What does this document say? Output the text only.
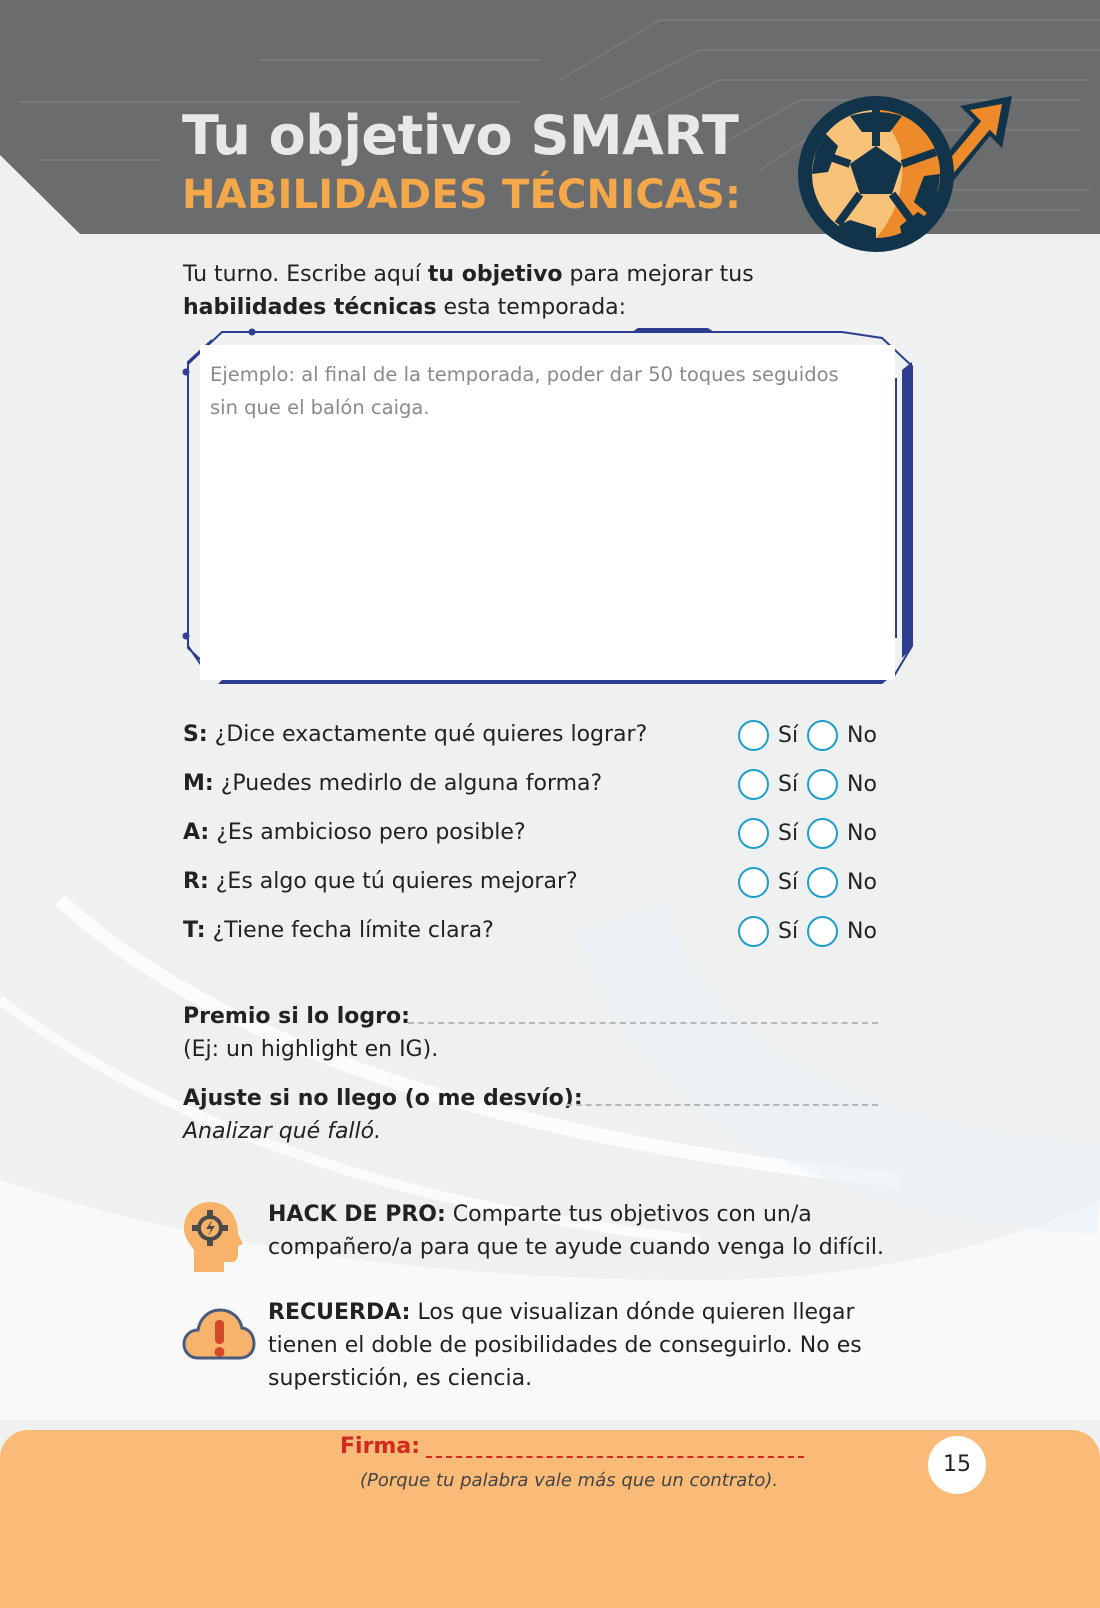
Tu objetivo SMART
HABILIDADES TÉCNICAS:
Tu turno. Escribe aquí tu objetivo para mejorar tus
habilidades técnicas esta temporada:
Ejemplo: al final de la temporada, poder dar 50 toques seguidos
sin que el balón caiga.
S: ¿Dice exactamente qué quieres lograr?	Sí No
M: ¿Puedes medirlo de alguna forma?	Sí No
A: ¿Es ambicioso pero posible?	Sí No
R: ¿Es algo que tú quieres mejorar?	Sí No
T: ¿Tiene fecha límite clara?	Sí No
Premio si lo logro:
(Ej: un highlight en IG).
Ajuste si no llego (o me desvío):
Analizar qué falló.
HACK DE PRO: Comparte tus objetivos con un/a
compañero/a para que te ayude cuando venga lo difícil.
RECUERDA: Los que visualizan dónde quieren llegar
tienen el doble de posibilidades de conseguirlo. No es
superstición, es ciencia.
Firma:
(Porque tu palabra vale más que un contrato).
15
